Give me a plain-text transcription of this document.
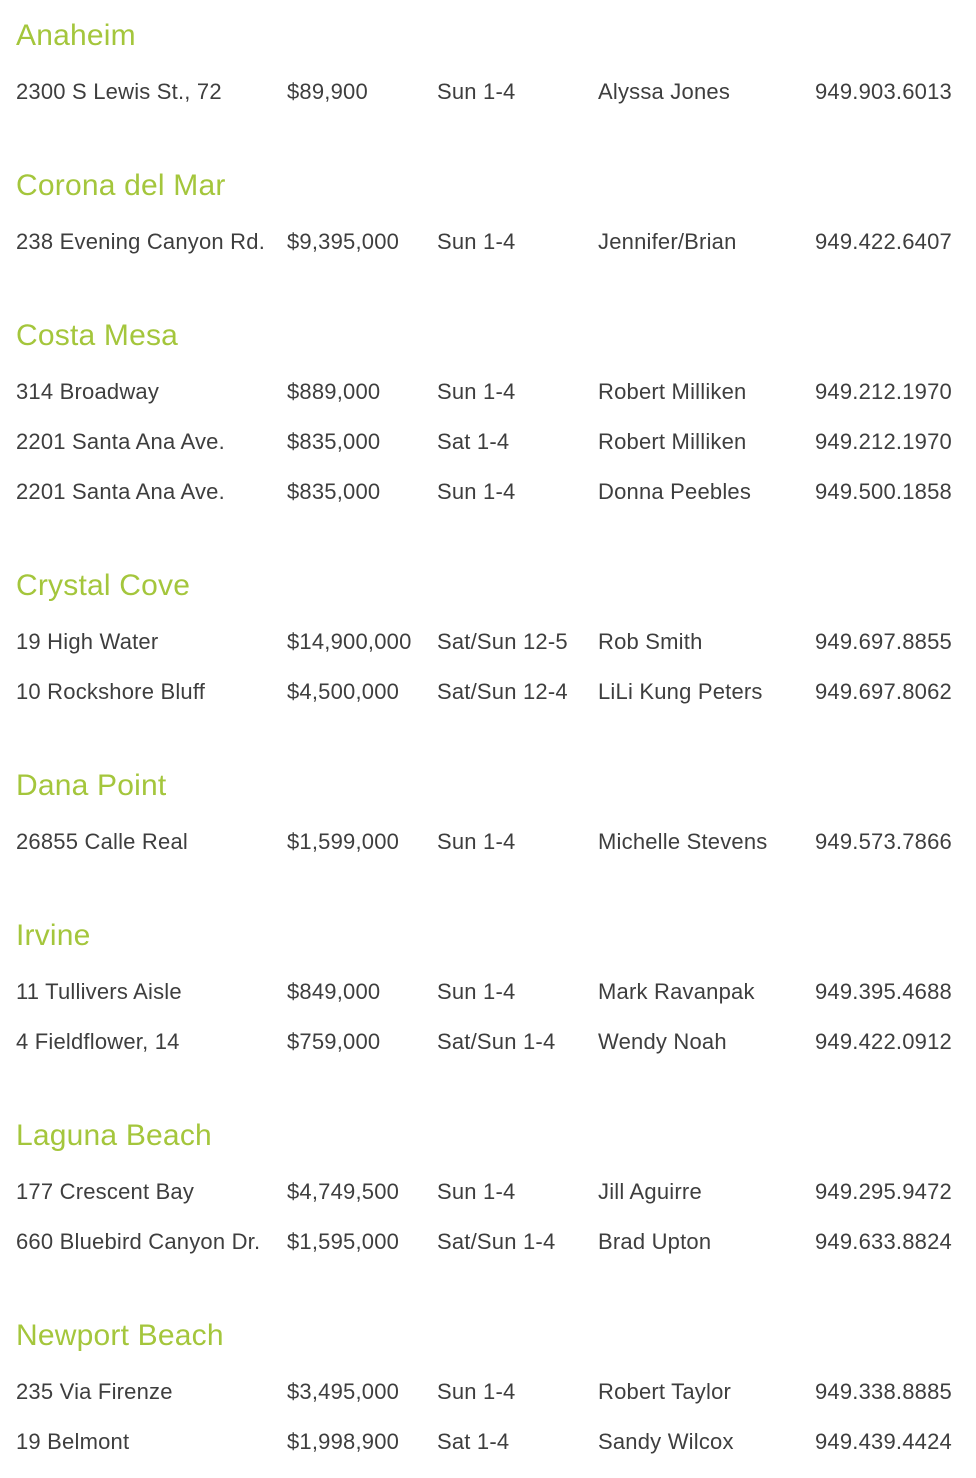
Anaheim
2300 S Lewis St., 72	$89,900	Sun 1-4	Alyssa Jones	949.903.6013
Corona del Mar
238 Evening Canyon Rd. $9,395,000	Sun 1-4	Jennifer/Brian	949.422.6407
Costa Mesa
314 Broadway	$889,000	Sun 1-4	Robert Milliken	949.212.1970
2201 Santa Ana Ave.	$835,000	Sat 1-4	Robert Milliken	949.212.1970
2201 Santa Ana Ave.	$835,000	Sun 1-4	Donna Peebles	949.500.1858
Crystal Cove
19 High Water	$14,900,000	Sat/Sun 12-5	Rob Smith	949.697.8855
10 Rockshore Bluff	$4,500,000	Sat/Sun 12-4	LiLi Kung Peters	949.697.8062
Dana Point
26855 Calle Real	$1,599,000	Sun 1-4	Michelle Stevens	949.573.7866
Irvine
11 Tullivers Aisle	$849,000	Sun 1-4	Mark Ravanpak	949.395.4688
4 Fieldflower, 14	$759,000	Sat/Sun 1-4	Wendy Noah	949.422.0912
Laguna Beach
177 Crescent Bay	$4,749,500	Sun 1-4	Jill Aguirre	949.295.9472
660 Bluebird Canyon Dr.	$1,595,000	Sat/Sun 1-4	Brad Upton	949.633.8824
Newport Beach
235 Via Firenze	$3,495,000	Sun 1-4	Robert Taylor	949.338.8885
19 Belmont	$1,998,900	Sat 1-4	Sandy Wilcox	949.439.4424
